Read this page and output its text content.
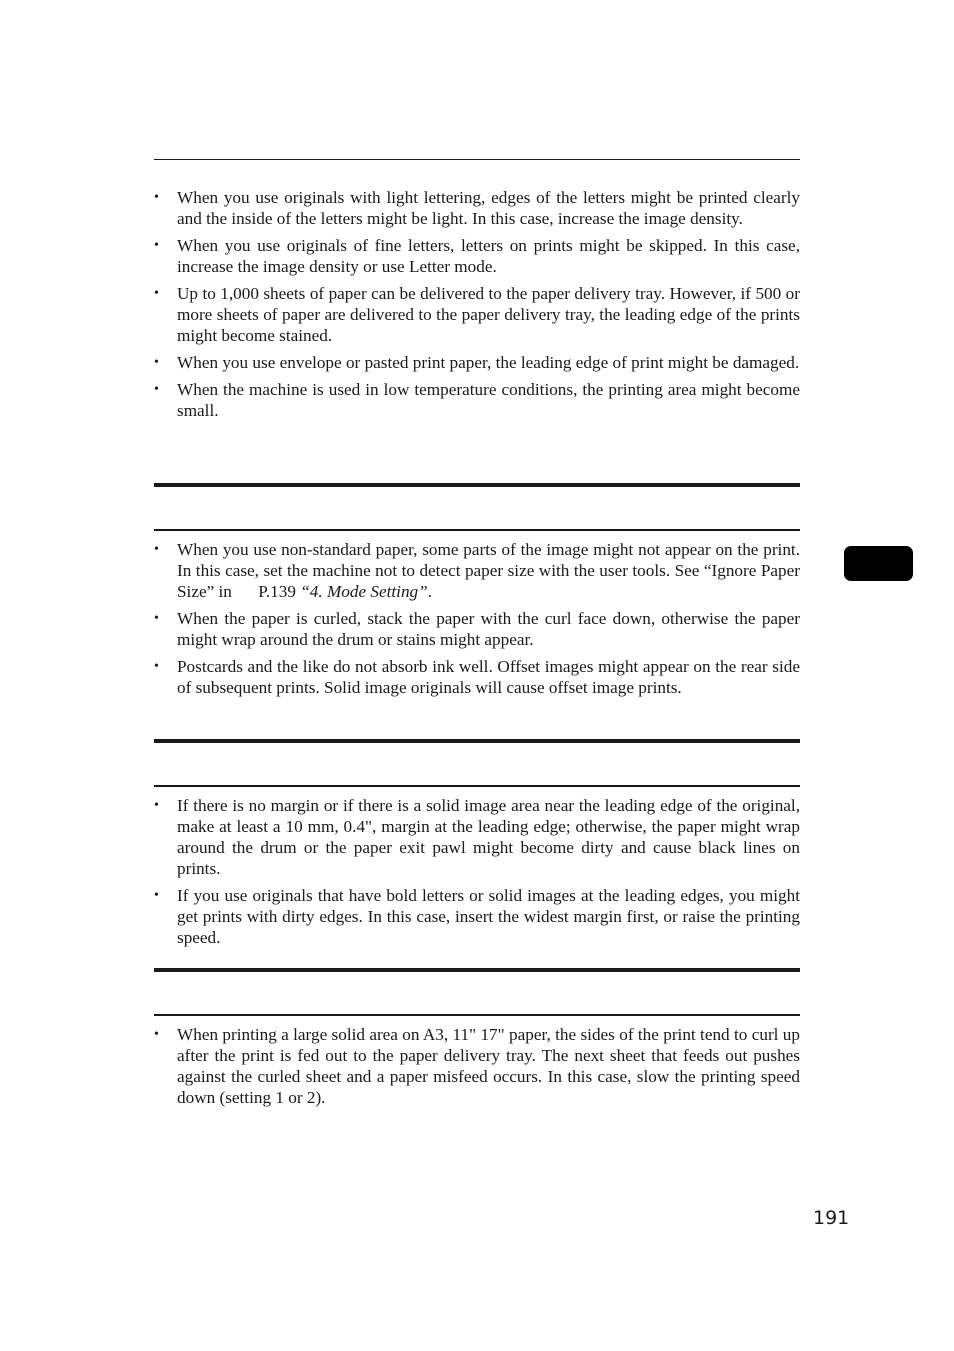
• When you use originals with light lettering, edges of the letters might be printed clearly and the inside of the letters might be light. In this case, increase the image density.
• When you use originals of fine letters, letters on prints might be skipped. In this case, increase the image density or use Letter mode.
• Up to 1,000 sheets of paper can be delivered to the paper delivery tray. However, if 500 or more sheets of paper are delivered to the paper delivery tray, the leading edge of the prints might become stained.
• When you use envelope or pasted print paper, the leading edge of print might be damaged.
• When the machine is used in low temperature conditions, the printing area might become small.
• When you use non-standard paper, some parts of the image might not appear on the print. In this case, set the machine not to detect paper size with the user tools. See “Ignore Paper Size” in P.139 “4. Mode Setting”.
• When the paper is curled, stack the paper with the curl face down, otherwise the paper might wrap around the drum or stains might appear.
• Postcards and the like do not absorb ink well. Offset images might appear on the rear side of subsequent prints. Solid image originals will cause offset image prints.
• If there is no margin or if there is a solid image area near the leading edge of the original, make at least a 10 mm, 0.4", margin at the leading edge; otherwise, the paper might wrap around the drum or the paper exit pawl might become dirty and cause black lines on prints.
• If you use originals that have bold letters or solid images at the leading edges, you might get prints with dirty edges. In this case, insert the widest margin first, or raise the printing speed.
• When printing a large solid area on A3, 11" 17" paper, the sides of the print tend to curl up after the print is fed out to the paper delivery tray. The next sheet that feeds out pushes against the curled sheet and a paper misfeed occurs. In this case, slow the printing speed down (setting 1 or 2).
191
